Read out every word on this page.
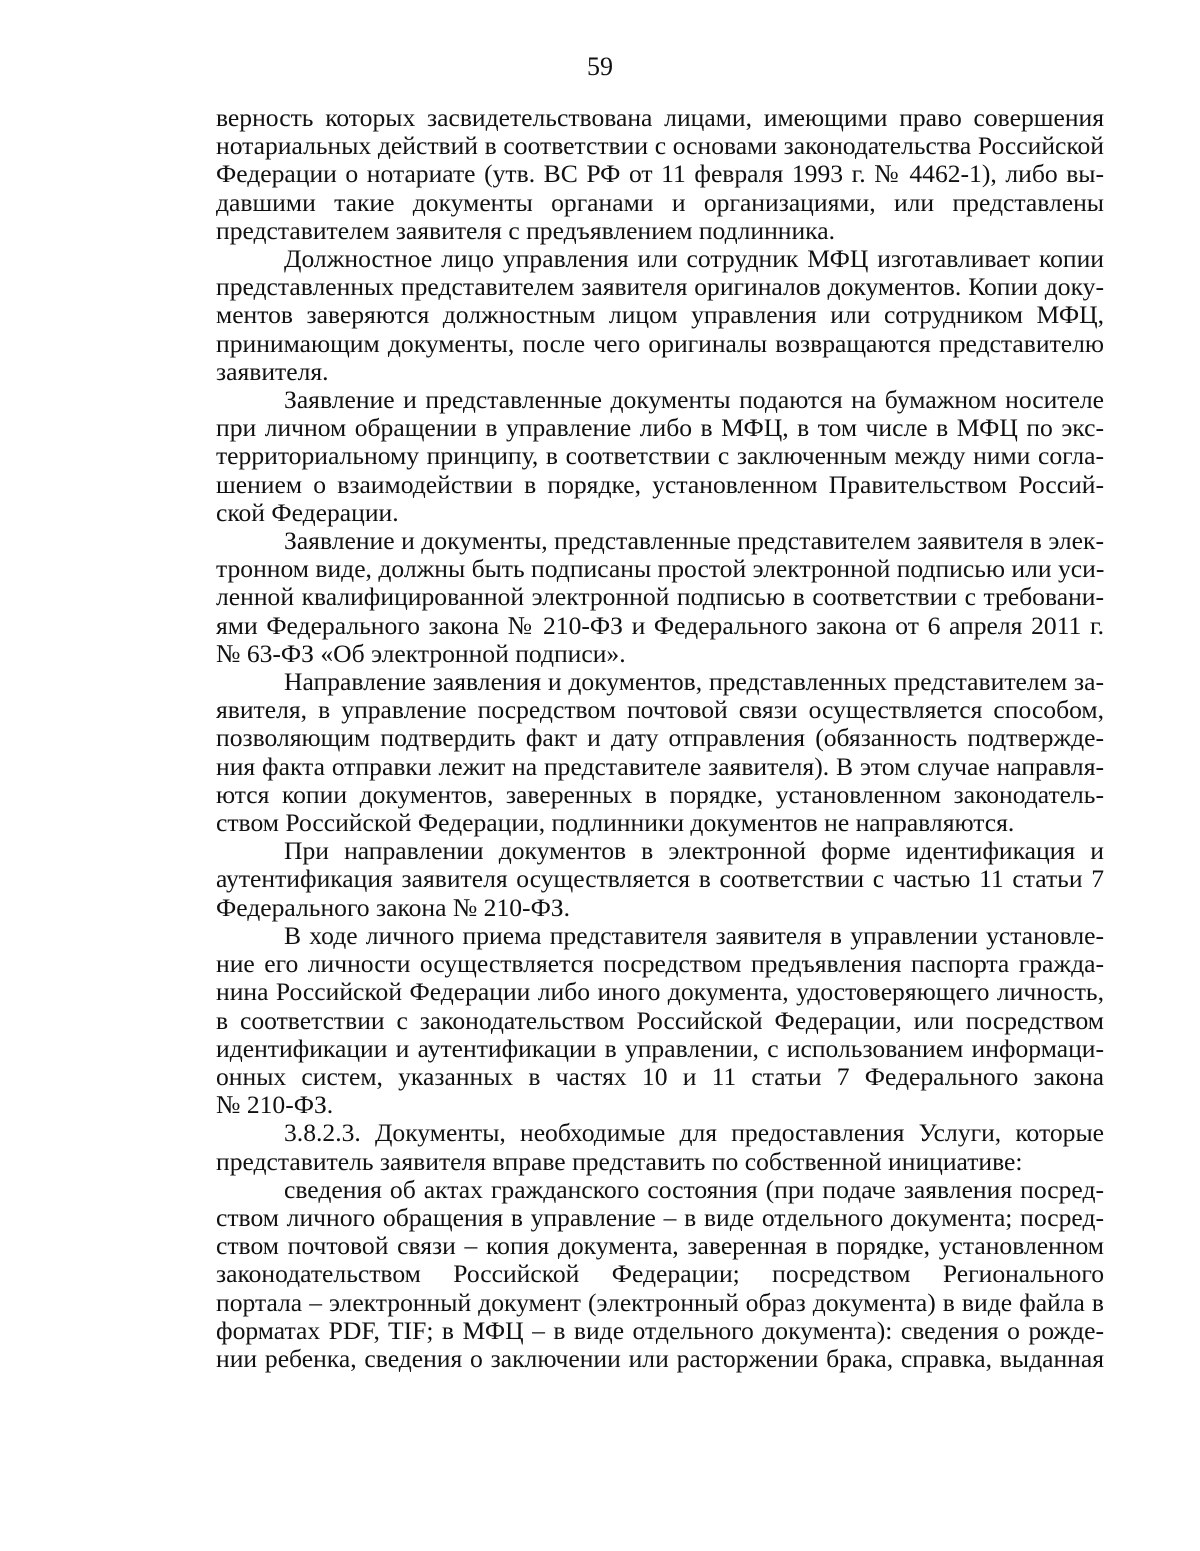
59
верность которых засвидетельствована лицами, имеющими право совершения
нотариальных действий в соответствии с основами законодательства Российской
Федерации о нотариате (утв. ВС РФ от 11 февраля 1993 г. № 4462-1), либо вы-
давшими такие документы органами и организациями, или представлены
представителем заявителя с предъявлением подлинника.
Должностное лицо управления или сотрудник МФЦ изготавливает копии
представленных представителем заявителя оригиналов документов. Копии доку-
ментов заверяются должностным лицом управления или сотрудником МФЦ,
принимающим документы, после чего оригиналы возвращаются представителю
заявителя.
Заявление и представленные документы подаются на бумажном носителе
при личном обращении в управление либо в МФЦ, в том числе в МФЦ по экс-
территориальному принципу, в соответствии с заключенным между ними согла-
шением о взаимодействии в порядке, установленном Правительством Россий-
ской Федерации.
Заявление и документы, представленные представителем заявителя в элек-
тронном виде, должны быть подписаны простой электронной подписью или уси-
ленной квалифицированной электронной подписью в соответствии с требовани-
ями Федерального закона № 210-ФЗ и Федерального закона от 6 апреля 2011 г.
№ 63-ФЗ «Об электронной подписи».
Направление заявления и документов, представленных представителем за-
явителя, в управление посредством почтовой связи осуществляется способом,
позволяющим подтвердить факт и дату отправления (обязанность подтвержде-
ния факта отправки лежит на представителе заявителя). В этом случае направля-
ются копии документов, заверенных в порядке, установленном законодатель-
ством Российской Федерации, подлинники документов не направляются.
При направлении документов в электронной форме идентификация и
аутентификация заявителя осуществляется в соответствии с частью 11 статьи 7
Федерального закона № 210-ФЗ.
В ходе личного приема представителя заявителя в управлении установле-
ние его личности осуществляется посредством предъявления паспорта гражда-
нина Российской Федерации либо иного документа, удостоверяющего личность,
в соответствии с законодательством Российской Федерации, или посредством
идентификации и аутентификации в управлении, с использованием информаци-
онных систем, указанных в частях 10 и 11 статьи 7 Федерального закона
№ 210-ФЗ.
3.8.2.3. Документы, необходимые для предоставления Услуги, которые
представитель заявителя вправе представить по собственной инициативе:
сведения об актах гражданского состояния (при подаче заявления посред-
ством личного обращения в управление – в виде отдельного документа; посред-
ством почтовой связи – копия документа, заверенная в порядке, установленном
законодательством Российской Федерации; посредством Регионального
портала – электронный документ (электронный образ документа) в виде файла в
форматах PDF, TIF; в МФЦ – в виде отдельного документа): сведения о рожде-
нии ребенка, сведения о заключении или расторжении брака, справка, выданная
